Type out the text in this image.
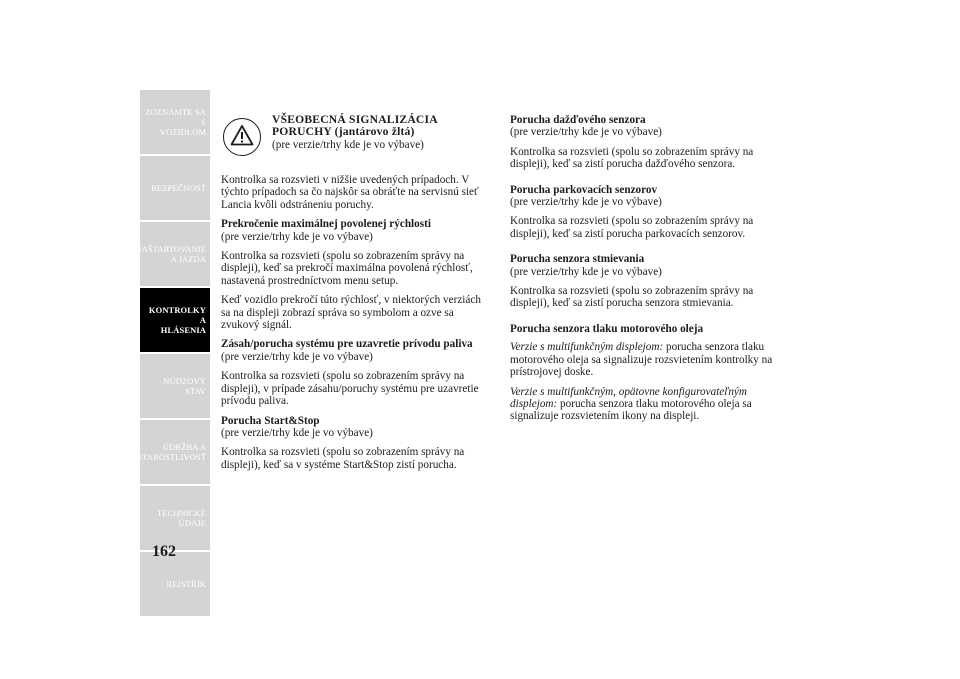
ZOZNÁMTE SA S
VOZIDLOM
BEZPEČNOSŤ
NAŠTARTOVANIE
A JAZDA
KONTROLKY A
HLÁSENIA
NÚDZOVÝ STAV
ÚDRŽBA A
STAROSTLIVOSŤ
TECHNICKÉ
ÚDAJE
REJSTŘÍK
162

VŠEOBECNÁ SIGNALIZÁCIA

PORUCHY (jantárovo žltá)

(pre verzie/trhy kde je vo výbave)

Kontrolka sa rozsvieti v nižšie uvedených prípadoch. V týchto prípadoch sa čo najskôr sa obráťte na servisnú sieť Lancia kvôli odstráneniu poruchy.

Prekročenie maximálnej povolenej rýchlosti

(pre verzie/trhy kde je vo výbave)

Kontrolka sa rozsvieti (spolu so zobrazením správy na displeji), keď sa prekročí maximálna povolená rýchlosť, nastavená prostredníctvom menu setup.

Keď vozidlo prekročí túto rýchlosť, v niektorých verziách sa na displeji zobrazí správa so symbolom a ozve sa zvukový signál.

Zásah/porucha systému pre uzavretie prívodu paliva

(pre verzie/trhy kde je vo výbave)

Kontrolka sa rozsvieti (spolu so zobrazením správy na displeji), v prípade zásahu/poruchy systému pre uzavretie prívodu paliva.

Porucha Start&Stop

(pre verzie/trhy kde je vo výbave)

Kontrolka sa rozsvieti (spolu so zobrazením správy na displeji), keď sa v systéme Start&Stop zistí porucha.

Porucha dažďového senzora

(pre verzie/trhy kde je vo výbave)

Kontrolka sa rozsvieti (spolu so zobrazením správy na displeji), keď sa zistí porucha dažďového senzora.

Porucha parkovacích senzorov

(pre verzie/trhy kde je vo výbave)

Kontrolka sa rozsvieti (spolu so zobrazením správy na displeji), keď sa zistí porucha parkovacích senzorov.

Porucha senzora stmievania

(pre verzie/trhy kde je vo výbave)

Kontrolka sa rozsvieti (spolu so zobrazením správy na displeji), keď sa zistí porucha senzora stmievania.

Porucha senzora tlaku motorového oleja

Verzie s multifunkčným displejom: porucha senzora tlaku motorového oleja sa signalizuje rozsvietením kontrolky na prístrojovej doske.

Verzie s multifunkčným, opätovne konfigurovateľným displejom: porucha senzora tlaku motorového oleja sa signalizuje rozsvietením ikony na displeji.
